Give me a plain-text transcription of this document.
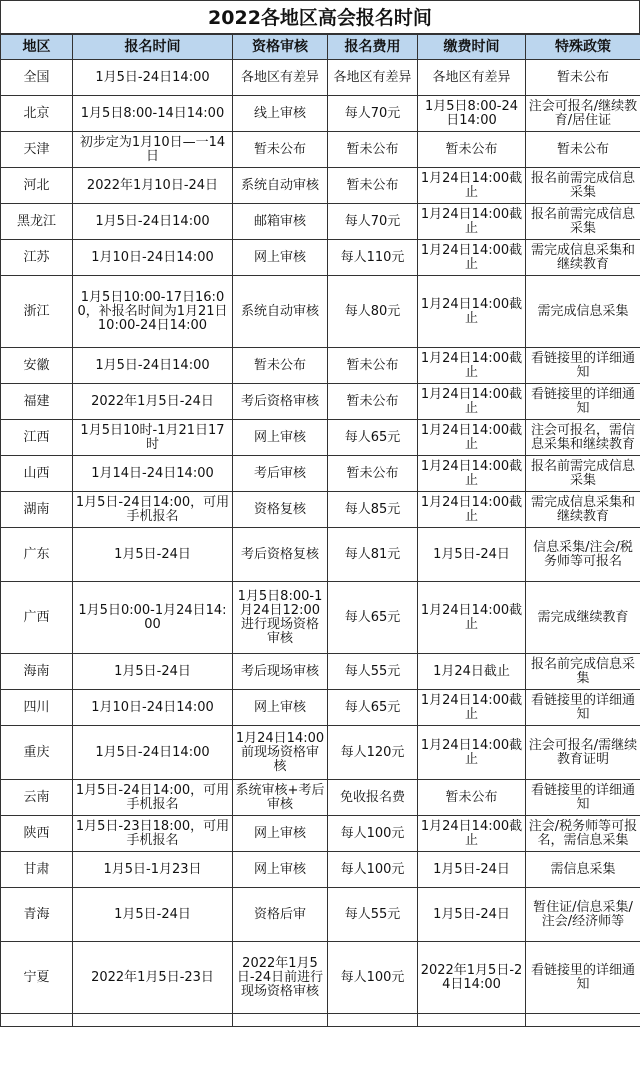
2022各地区高会报名时间
地区	报名时间	资格审核	报名费用	缴费时间	特殊政策
全国	1月5日-24日14:00	各地区有差异	各地区有差异	各地区有差异	暂未公布
北京	1月5日8:00-14日14:00	线上审核	每人70元	1月5日8:00-24日14:00	注会可报名/继续教育/居住证
天津	初步定为1月10日—一14日	暂未公布	暂未公布	暂未公布	暂未公布
河北	2022年1月10日-24日	系统自动审核	暂未公布	1月24日14:00截止	报名前需完成信息采集
黑龙江	1月5日-24日14:00	邮箱审核	每人70元	1月24日14:00截止	报名前需完成信息采集
江苏	1月10日-24日14:00	网上审核	每人110元	1月24日14:00截止	需完成信息采集和继续教育
浙江	1月5日10:00-17日16:00，补报名时间为1月21日10:00-24日14:00	系统自动审核	每人80元	1月24日14:00截止	需完成信息采集
安徽	1月5日-24日14:00	暂未公布	暂未公布	1月24日14:00截止	看链接里的详细通知
福建	2022年1月5日-24日	考后资格审核	暂未公布	1月24日14:00截止	看链接里的详细通知
江西	1月5日10时-1月21日17时	网上审核	每人65元	1月24日14:00截止	注会可报名，需信息采集和继续教育
山西	1月14日-24日14:00	考后审核	暂未公布	1月24日14:00截止	报名前需完成信息采集
湖南	1月5日-24日14:00，可用手机报名	资格复核	每人85元	1月24日14:00截止	需完成信息采集和继续教育
广东	1月5日-24日	考后资格复核	每人81元	1月5日-24日	信息采集/注会/税务师等可报名
广西	1月5日0:00-1月24日14:00	1月5日8:00-1月24日12:00进行现场资格审核	每人65元	1月24日14:00截止	需完成继续教育
海南	1月5日-24日	考后现场审核	每人55元	1月24日截止	报名前完成信息采集
四川	1月10日-24日14:00	网上审核	每人65元	1月24日14:00截止	看链接里的详细通知
重庆	1月5日-24日14:00	1月24日14:00前现场资格审核	每人120元	1月24日14:00截止	注会可报名/需继续教育证明
云南	1月5日-24日14:00，可用手机报名	系统审核+考后审核	免收报名费	暂未公布	看链接里的详细通知
陕西	1月5日-23日18:00，可用手机报名	网上审核	每人100元	1月24日14:00截止	注会/税务师等可报名，需信息采集
甘肃	1月5日-1月23日	网上审核	每人100元	1月5日-24日	需信息采集
青海	1月5日-24日	资格后审	每人55元	1月5日-24日	暂住证/信息采集/注会/经济师等
宁夏	2022年1月5日-23日	2022年1月5日-24日前进行现场资格审核	每人100元	2022年1月5日-24日14:00	看链接里的详细通知
